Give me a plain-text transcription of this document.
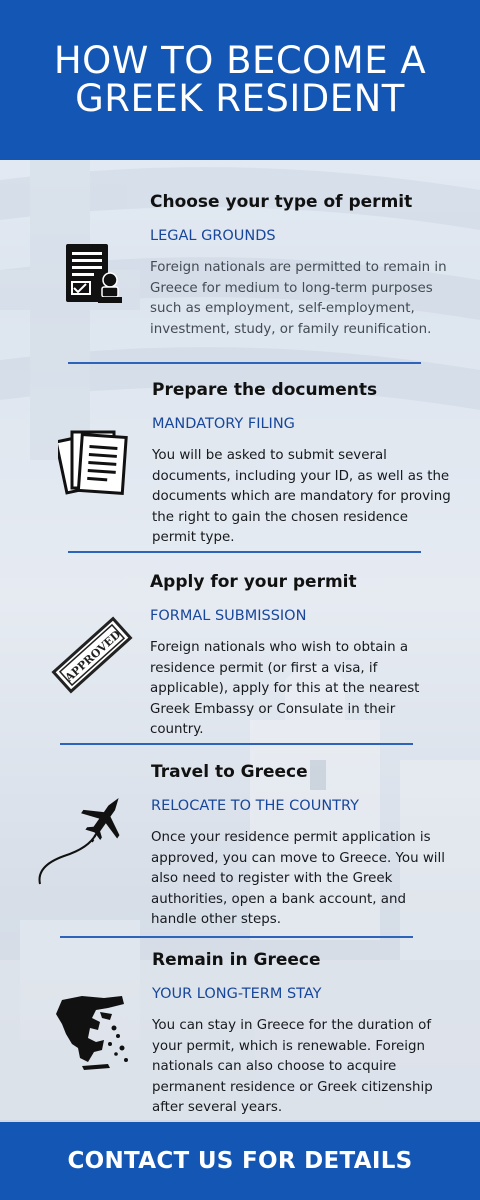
HOW TO BECOME A GREEK RESIDENT
Choose your type of permit
LEGAL GROUNDS
Foreign nationals are permitted to remain in Greece for medium to long-term purposes such as employment, self-employment, investment, study, or family reunification.
Prepare the documents
MANDATORY FILING
You will be asked to submit several documents, including your ID, as well as the documents which are mandatory for proving the right to gain the chosen residence permit type.
APPROVED
Apply for your permit
FORMAL SUBMISSION
Foreign nationals who wish to obtain a residence permit (or first a visa, if applicable), apply for this at the nearest Greek Embassy or Consulate in their country.
Travel to Greece
RELOCATE TO THE COUNTRY
Once your residence permit application is approved, you can move to Greece. You will also need to register with the Greek authorities, open a bank account, and handle other steps.
Remain in Greece
YOUR LONG-TERM STAY
You can stay in Greece for the duration of your permit, which is renewable. Foreign nationals can also choose to acquire permanent residence or Greek citizenship after several years.
CONTACT US FOR DETAILS
